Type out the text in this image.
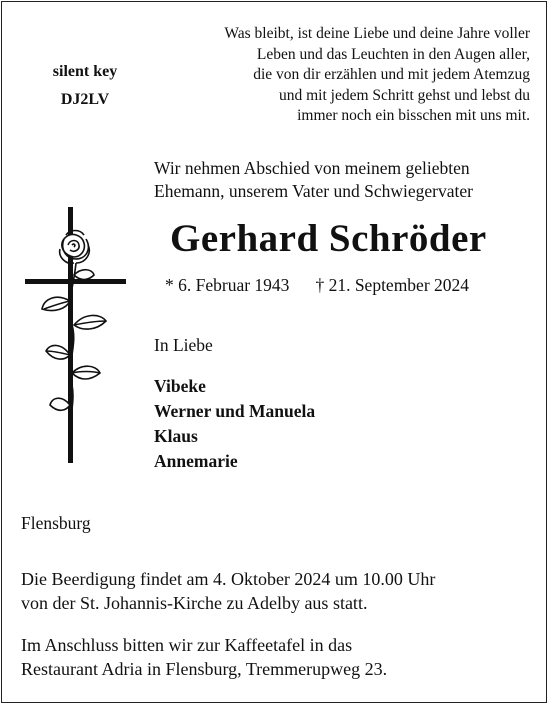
silent key
DJ2LV
Was bleibt, ist deine Liebe und deine Jahre voller
Leben und das Leuchten in den Augen aller,
die von dir erzählen und mit jedem Atemzug
und mit jedem Schritt gehst und lebst du
immer noch ein bisschen mit uns mit.
Wir nehmen Abschied von meinem geliebten
Ehemann, unserem Vater und Schwiegervater
Gerhard Schröder
* 6. Februar 1943 † 21. September 2024
In Liebe
Vibeke
Werner und Manuela
Klaus
Annemarie
Flensburg
Die Beerdigung findet am 4. Oktober 2024 um 10.00 Uhr
von der St. Johannis-Kirche zu Adelby aus statt.
Im Anschluss bitten wir zur Kaffeetafel in das
Restaurant Adria in Flensburg, Tremmerupweg 23.
